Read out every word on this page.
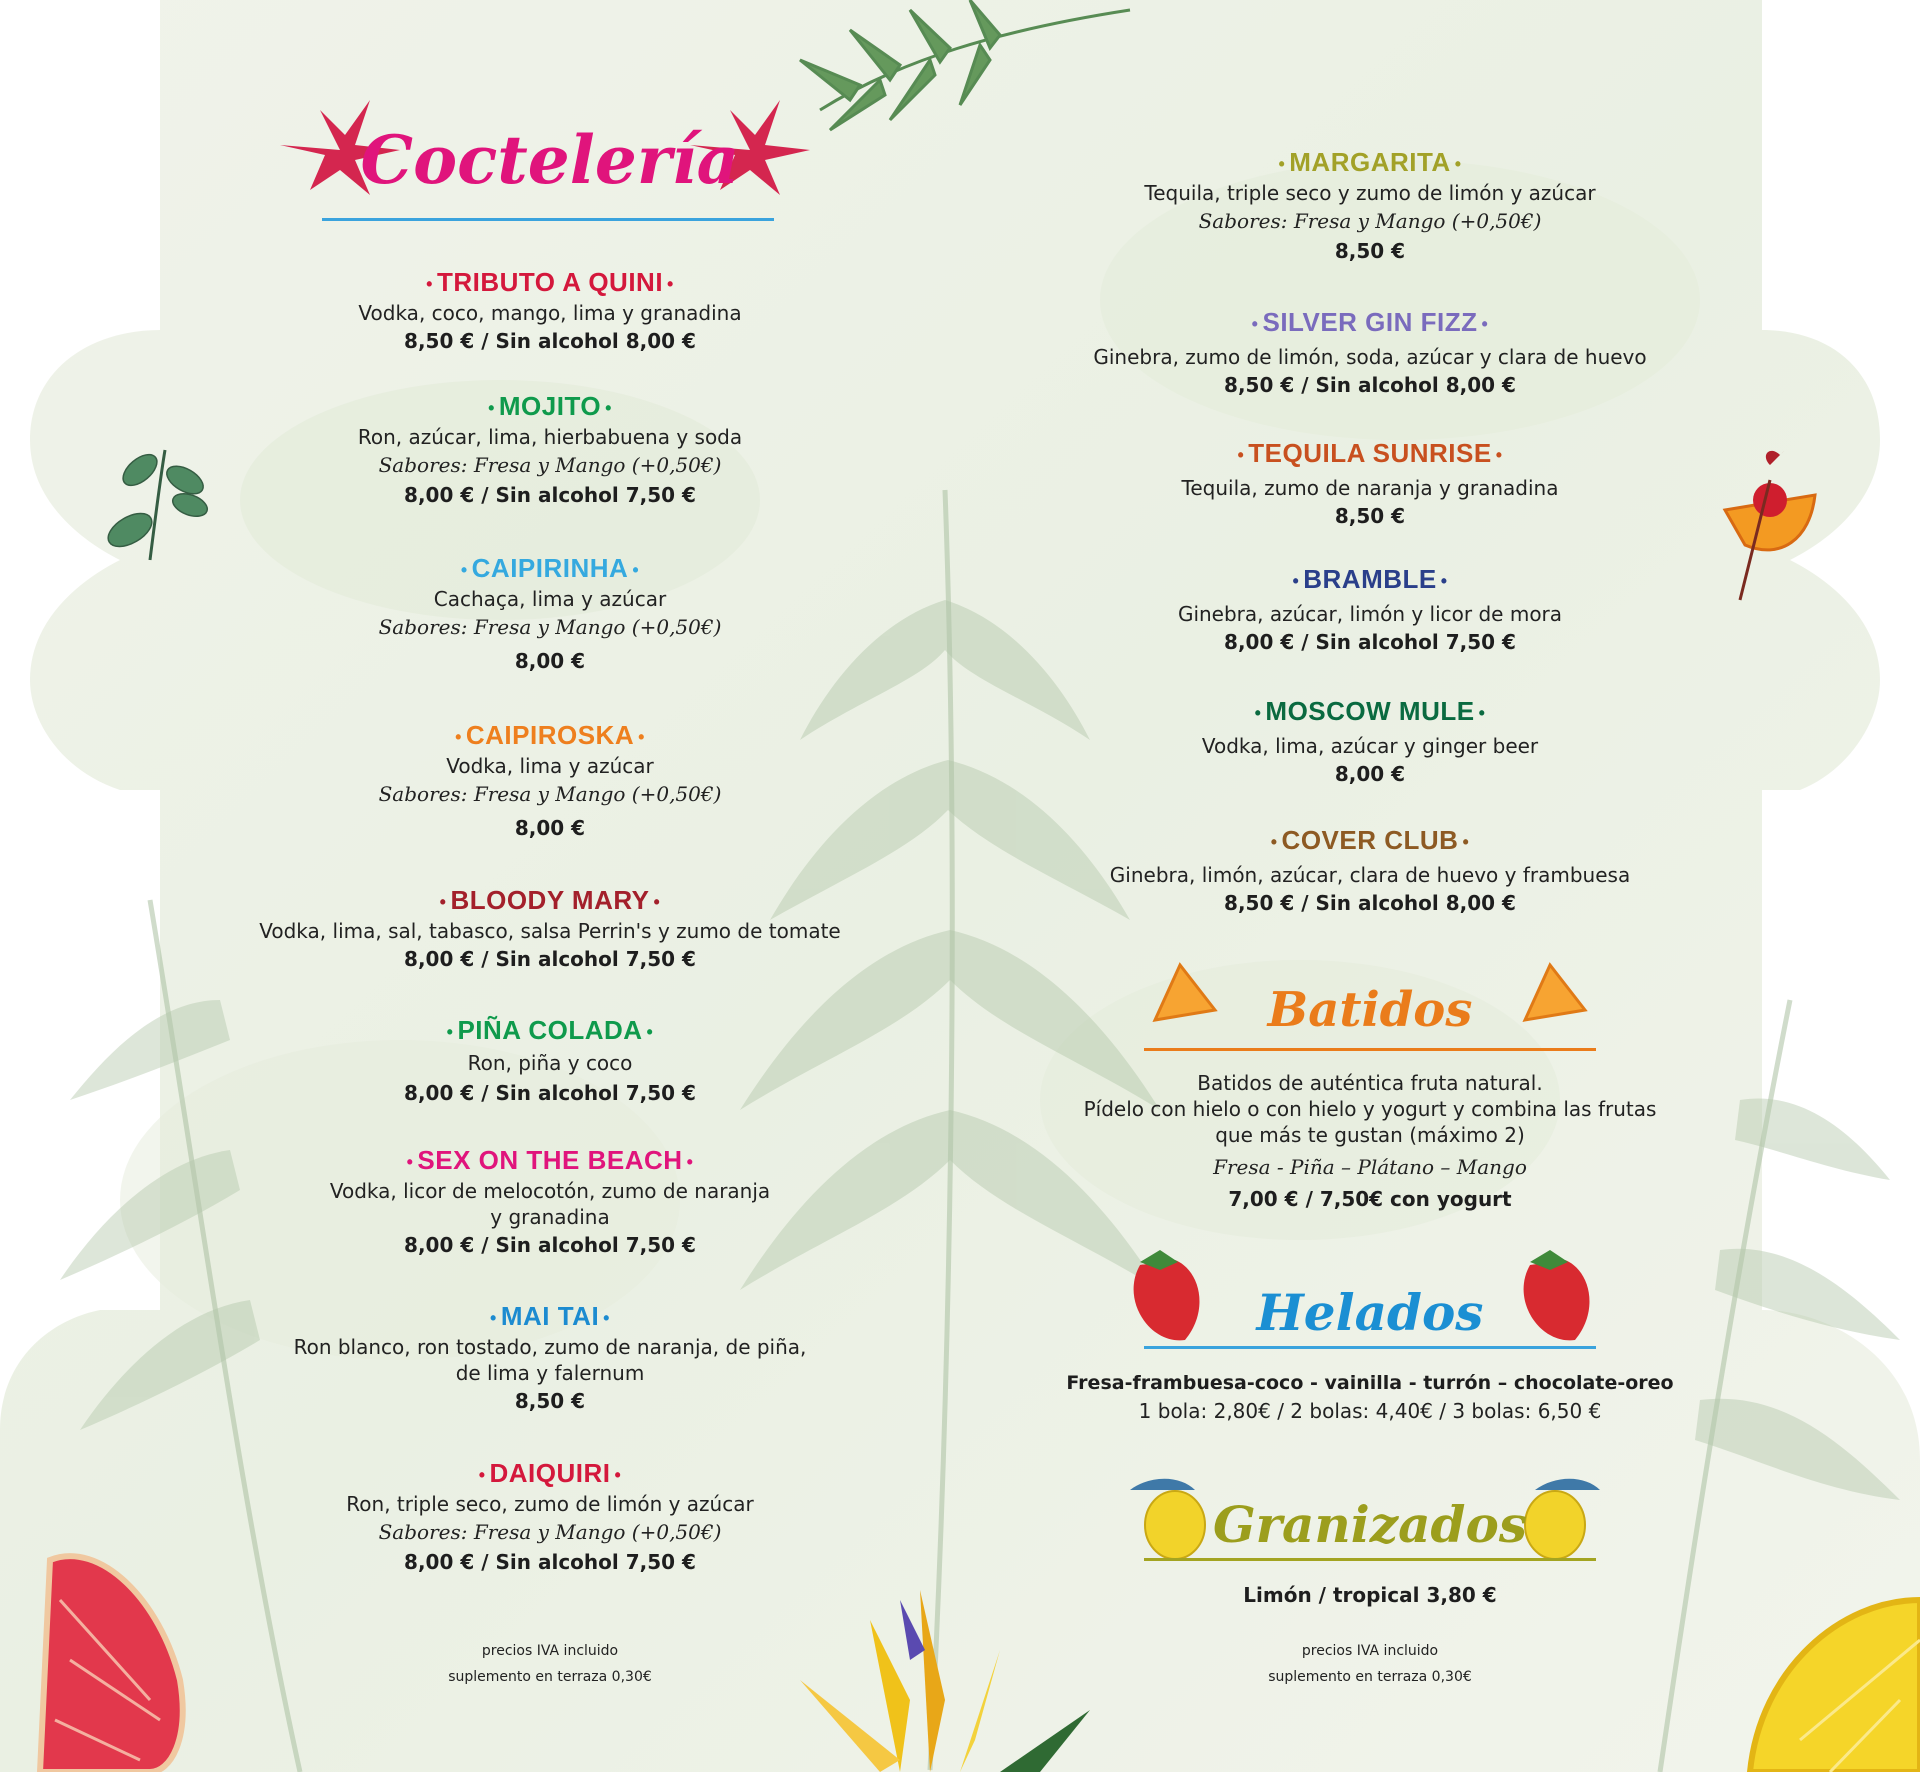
Coctelería
• TRIBUTO A QUINI •
Vodka, coco, mango, lima y granadina
8,50 € / Sin alcohol 8,00 €
• MOJITO •
Ron, azúcar, lima, hierbabuena y soda
Sabores: Fresa y Mango (+0,50€)
8,00 € / Sin alcohol 7,50 €
• CAIPIRINHA •
Cachaça, lima y azúcar
Sabores: Fresa y Mango (+0,50€)
8,00 €
• CAIPIROSKA •
Vodka, lima y azúcar
Sabores: Fresa y Mango (+0,50€)
8,00 €
• BLOODY MARY •
Vodka, lima, sal, tabasco, salsa Perrin's y zumo de tomate
8,00 € / Sin alcohol 7,50 €
• PIÑA COLADA •
Ron, piña y coco
8,00 € / Sin alcohol 7,50 €
• SEX ON THE BEACH •
Vodka, licor de melocotón, zumo de naranja
y granadina
8,00 € / Sin alcohol 7,50 €
• MAI TAI •
Ron blanco, ron tostado, zumo de naranja, de piña,
de lima y falernum
8,50 €
• DAIQUIRI •
Ron, triple seco, zumo de limón y azúcar
Sabores: Fresa y Mango (+0,50€)
8,00 € / Sin alcohol 7,50 €
precios IVA incluido
suplemento en terraza 0,30€
• MARGARITA •
Tequila, triple seco y zumo de limón y azúcar
Sabores: Fresa y Mango (+0,50€)
8,50 €
• SILVER GIN FIZZ •
Ginebra, zumo de limón, soda, azúcar y clara de huevo
8,50 € / Sin alcohol 8,00 €
• TEQUILA SUNRISE •
Tequila, zumo de naranja y granadina
8,50 €
• BRAMBLE •
Ginebra, azúcar, limón y licor de mora
8,00 € / Sin alcohol 7,50 €
• MOSCOW MULE •
Vodka, lima, azúcar y ginger beer
8,00 €
• COVER CLUB •
Ginebra, limón, azúcar, clara de huevo y frambuesa
8,50 € / Sin alcohol 8,00 €
Batidos
Batidos de auténtica fruta natural.
Pídelo con hielo o con hielo y yogurt y combina las frutas
que más te gustan (máximo 2)
Fresa - Piña – Plátano – Mango
7,00 € / 7,50€ con yogurt
Helados
Fresa-frambuesa-coco - vainilla - turrón – chocolate-oreo
1 bola: 2,80€ / 2 bolas: 4,40€ / 3 bolas: 6,50 €
Granizados
Limón / tropical 3,80 €
precios IVA incluido
suplemento en terraza 0,30€
